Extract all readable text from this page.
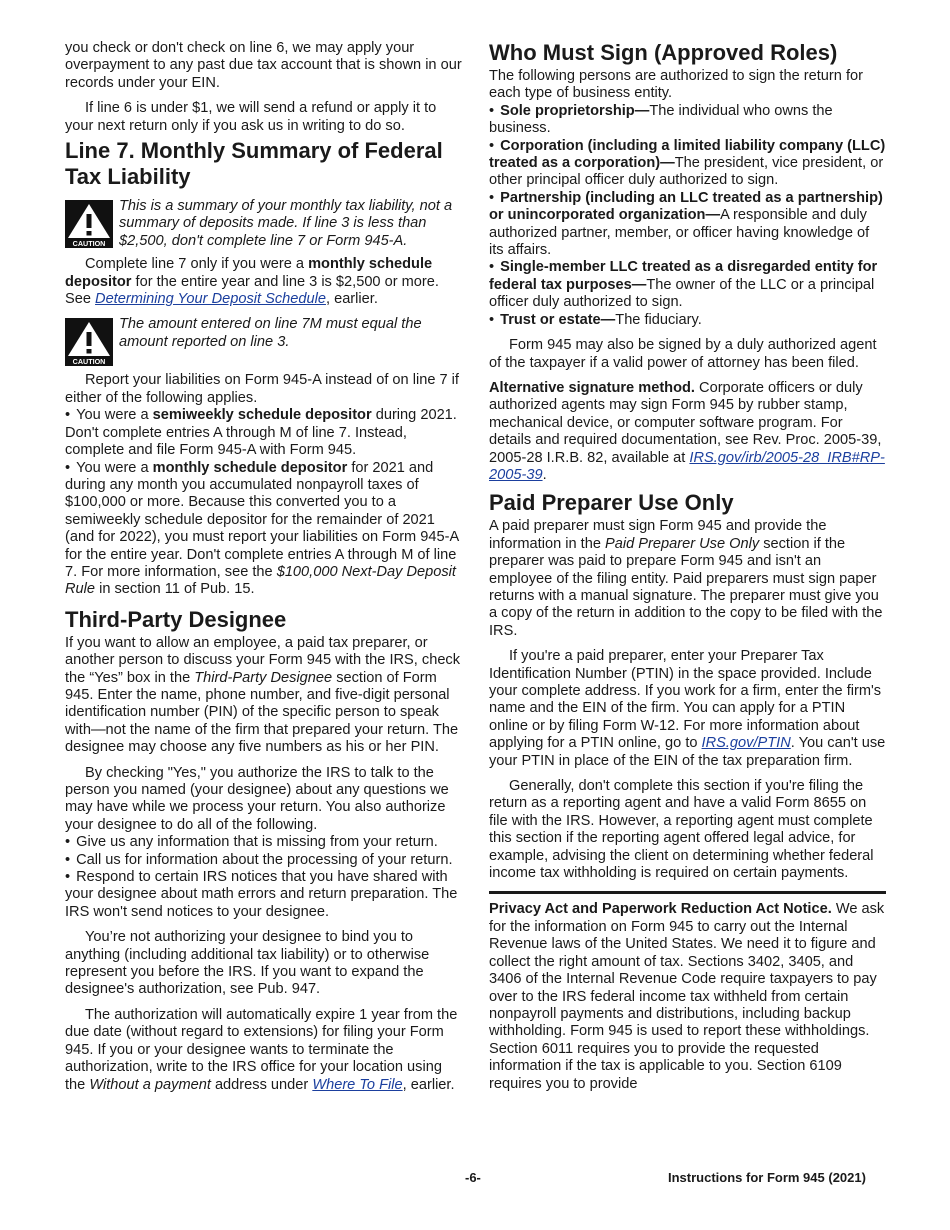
you check or don't check on line 6, we may apply your overpayment to any past due tax account that is shown in our records under your EIN.

If line 6 is under $1, we will send a refund or apply it to your next return only if you ask us in writing to do so.

Line 7. Monthly Summary of Federal Tax Liability
CAUTION
This is a summary of your monthly tax liability, not a summary of deposits made. If line 3 is less than $2,500, don't complete line 7 or Form 945-A.

Complete line 7 only if you were a monthly schedule depositor for the entire year and line 3 is $2,500 or more. See Determining Your Deposit Schedule, earlier.

CAUTION
The amount entered on line 7M must equal the amount reported on line 3.

Report your liabilities on Form 945-A instead of on line 7 if either of the following applies.

• You were a semiweekly schedule depositor during 2021. Don't complete entries A through M of line 7. Instead, complete and file Form 945-A with Form 945.

• You were a monthly schedule depositor for 2021 and during any month you accumulated nonpayroll taxes of $100,000 or more. Because this converted you to a semiweekly schedule depositor for the remainder of 2021 (and for 2022), you must report your liabilities on Form 945-A for the entire year. Don't complete entries A through M of line 7. For more information, see the $100,000 Next-Day Deposit Rule in section 11 of Pub. 15.

Third-Party Designee

If you want to allow an employee, a paid tax preparer, or another person to discuss your Form 945 with the IRS, check the “Yes” box in the Third-Party Designee section of Form 945. Enter the name, phone number, and five-digit personal identification number (PIN) of the specific person to speak with—not the name of the firm that prepared your return. The designee may choose any five numbers as his or her PIN.

By checking "Yes," you authorize the IRS to talk to the person you named (your designee) about any questions we may have while we process your return. You also authorize your designee to do all of the following.

• Give us any information that is missing from your return.

• Call us for information about the processing of your return.

• Respond to certain IRS notices that you have shared with your designee about math errors and return preparation. The IRS won't send notices to your designee.

You’re not authorizing your designee to bind you to anything (including additional tax liability) or to otherwise represent you before the IRS. If you want to expand the designee's authorization, see Pub. 947.

The authorization will automatically expire 1 year from the due date (without regard to extensions) for filing your Form 945. If you or your designee wants to terminate the authorization, write to the IRS office for your location using the Without a payment address under Where To File, earlier.

Who Must Sign (Approved Roles)

The following persons are authorized to sign the return for each type of business entity.

• Sole proprietorship—The individual who owns the business.

• Corporation (including a limited liability company (LLC) treated as a corporation)—The president, vice president, or other principal officer duly authorized to sign.

• Partnership (including an LLC treated as a partnership) or unincorporated organization—A responsible and duly authorized partner, member, or officer having knowledge of its affairs.

• Single-member LLC treated as a disregarded entity for federal tax purposes—The owner of the LLC or a principal officer duly authorized to sign.

• Trust or estate—The fiduciary.

Form 945 may also be signed by a duly authorized agent of the taxpayer if a valid power of attorney has been filed.

Alternative signature method. Corporate officers or duly authorized agents may sign Form 945 by rubber stamp, mechanical device, or computer software program. For details and required documentation, see Rev. Proc. 2005-39, 2005-28 I.R.B. 82, available at IRS.gov/irb/2005-28_IRB#RP-2005-39.

Paid Preparer Use Only

A paid preparer must sign Form 945 and provide the information in the Paid Preparer Use Only section if the preparer was paid to prepare Form 945 and isn't an employee of the filing entity. Paid preparers must sign paper returns with a manual signature. The preparer must give you a copy of the return in addition to the copy to be filed with the IRS.

If you're a paid preparer, enter your Preparer Tax Identification Number (PTIN) in the space provided. Include your complete address. If you work for a firm, enter the firm's name and the EIN of the firm. You can apply for a PTIN online or by filing Form W-12. For more information about applying for a PTIN online, go to IRS.gov/PTIN. You can't use your PTIN in place of the EIN of the tax preparation firm.

Generally, don't complete this section if you're filing the return as a reporting agent and have a valid Form 8655 on file with the IRS. However, a reporting agent must complete this section if the reporting agent offered legal advice, for example, advising the client on determining whether federal income tax withholding is required on certain payments.

Privacy Act and Paperwork Reduction Act Notice. We ask for the information on Form 945 to carry out the Internal Revenue laws of the United States. We need it to figure and collect the right amount of tax. Sections 3402, 3405, and 3406 of the Internal Revenue Code require taxpayers to pay over to the IRS federal income tax withheld from certain nonpayroll payments and distributions, including backup withholding. Form 945 is used to report these withholdings. Section 6011 requires you to provide the requested information if the tax is applicable to you. Section 6109 requires you to provide

-6-	Instructions for Form 945 (2021)
